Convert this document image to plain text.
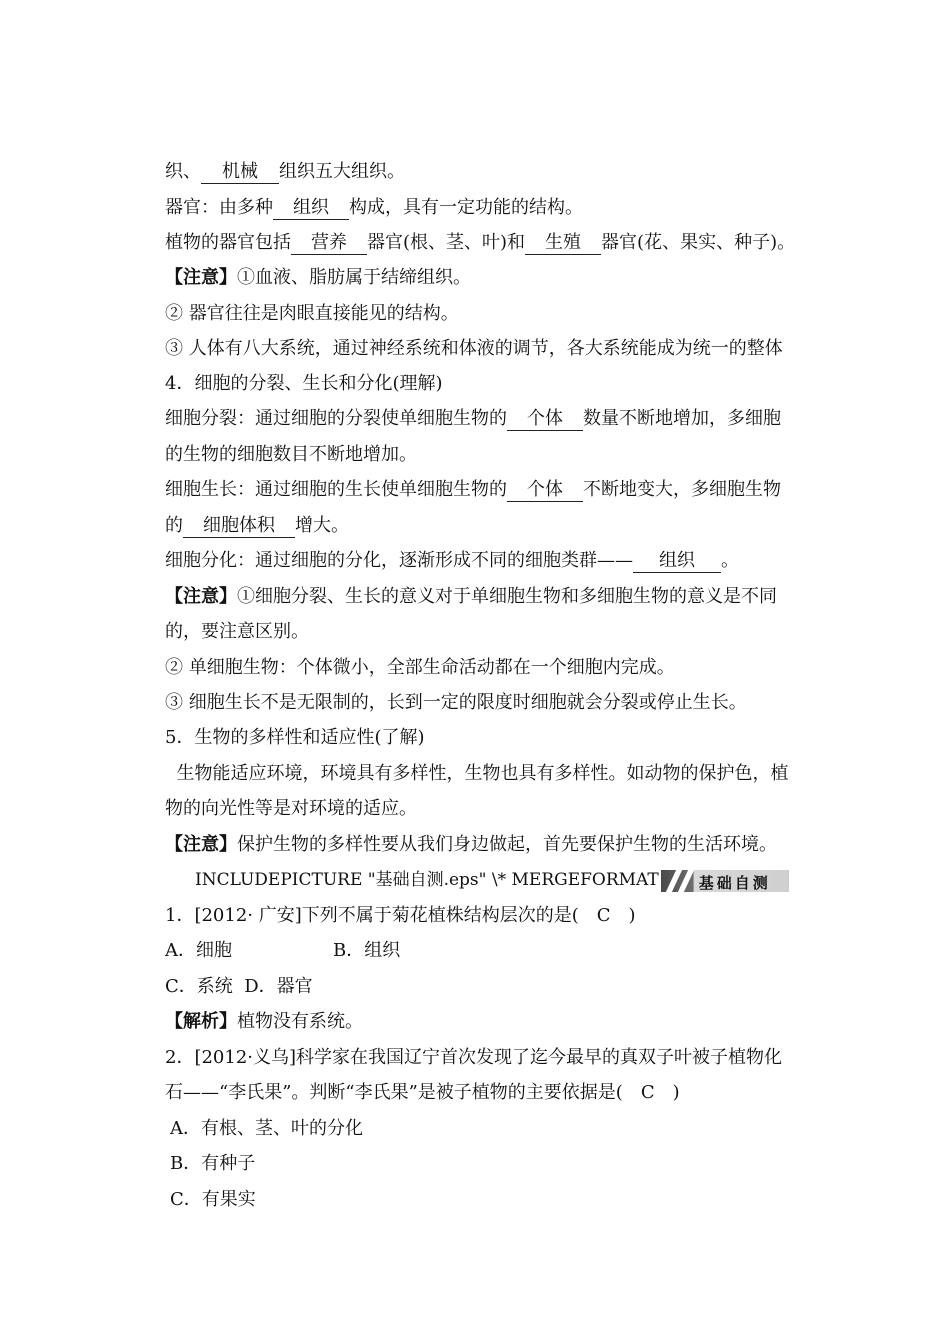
织、 机械 组织五大组织。
器官：由多种 组织 构成，具有一定功能的结构。
植物的器官包括 营养 器官(根、茎、叶)和 生殖 器官(花、果实、种子)。
【注意】①血液、脂肪属于结缔组织。
② 器官往往是肉眼直接能见的结构。
③ 人体有八大系统，通过神经系统和体液的调节，各大系统能成为统一的整体
4．细胞的分裂、生长和分化(理解)
细胞分裂：通过细胞的分裂使单细胞生物的 个体 数量不断地增加，多细胞
的生物的细胞数目不断地增加。
细胞生长：通过细胞的生长使单细胞生物的 个体 不断地变大，多细胞生物
的 细胞体积 增大。
细胞分化：通过细胞的分化，逐渐形成不同的细胞类群—— 组织 。
【注意】①细胞分裂、生长的意义对于单细胞生物和多细胞生物的意义是不同
的，要注意区别。
② 单细胞生物：个体微小，全部生命活动都在一个细胞内完成。
③ 细胞生长不是无限制的，长到一定的限度时细胞就会分裂或停止生长。
5．生物的多样性和适应性(了解)
生物能适应环境，环境具有多样性，生物也具有多样性。如动物的保护色，植
物的向光性等是对环境的适应。
【注意】保护生物的多样性要从我们身边做起，首先要保护生物的生活环境。
INCLUDEPICTURE "基础自测.eps" \* MERGEFORMAT	基础自测
1．[2012· 广安]下列不属于菊花植株结构层次的是(　C　)
A．细胞	B．组织
C．系统  D．器官
【解析】植物没有系统。
2．[2012·义乌]科学家在我国辽宁首次发现了迄今最早的真双子叶被子植物化
石——“李氏果”。判断“李氏果”是被子植物的主要依据是(　C　)
A．有根、茎、叶的分化
B．有种子
C．有果实
